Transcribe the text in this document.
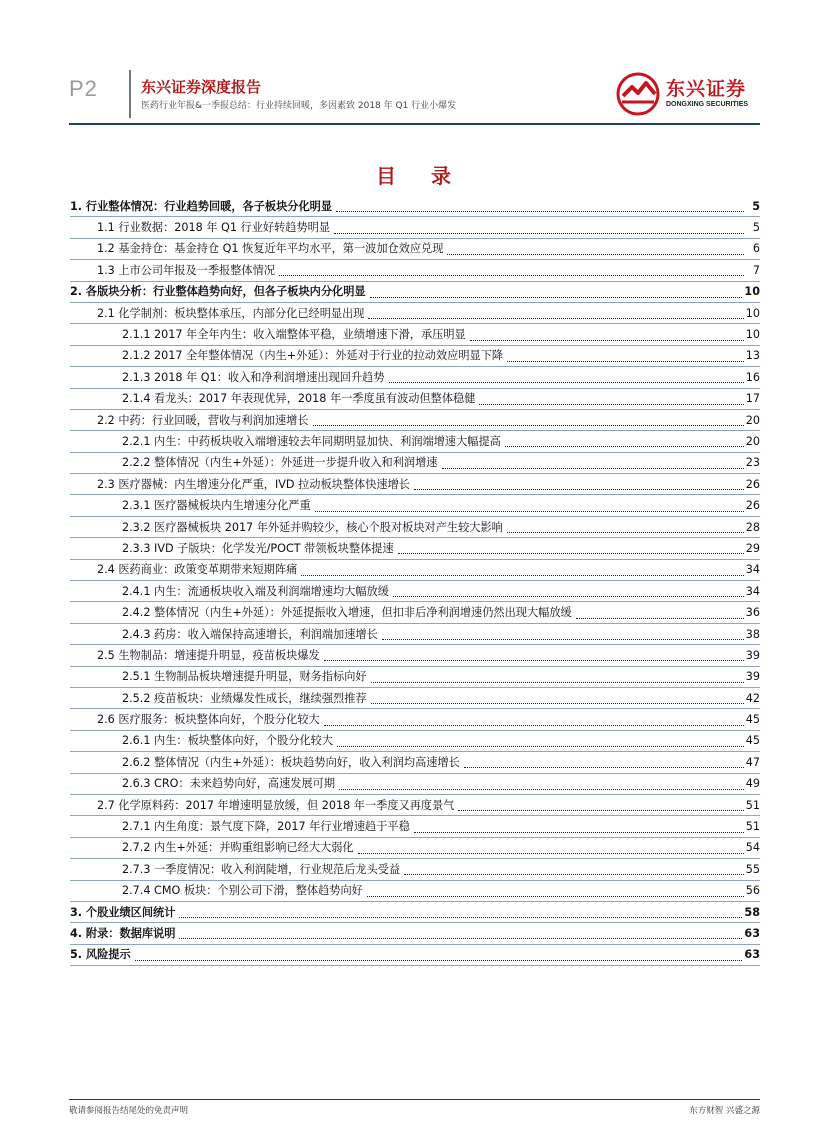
P2	东兴证券深度报告
医药行业年报&一季报总结：行业持续回暖，多因素致 2018 年 Q1 行业小爆发
东兴证券
DONGXING SECURITIES
目 录
1. 行业整体情况：行业趋势回暖，各子板块分化明显	5
1.1 行业数据：2018 年 Q1 行业好转趋势明显	5
1.2 基金持仓：基金持仓 Q1 恢复近年平均水平，第一波加仓效应兑现	6
1.3 上市公司年报及一季报整体情况	7
2. 各版块分析：行业整体趋势向好，但各子板块内分化明显	10
2.1 化学制剂：板块整体承压，内部分化已经明显出现	10
2.1.1 2017 年全年内生：收入端整体平稳，业绩增速下滑，承压明显	10
2.1.2 2017 全年整体情况（内生+外延）：外延对于行业的拉动效应明显下降	13
2.1.3 2018 年 Q1：收入和净利润增速出现回升趋势	16
2.1.4 看龙头：2017 年表现优异，2018 年一季度虽有波动但整体稳健	17
2.2 中药：行业回暖，营收与利润加速增长	20
2.2.1 内生：中药板块收入端增速较去年同期明显加快、利润端增速大幅提高	20
2.2.2 整体情况（内生+外延）：外延进一步提升收入和利润增速	23
2.3 医疗器械：内生增速分化严重，IVD 拉动板块整体快速增长	26
2.3.1 医疗器械板块内生增速分化严重	26
2.3.2 医疗器械板块 2017 年外延并购较少，核心个股对板块对产生较大影响	28
2.3.3 IVD 子版块：化学发光/POCT 带领板块整体提速	29
2.4 医药商业：政策变革期带来短期阵痛	34
2.4.1 内生：流通板块收入端及利润端增速均大幅放缓	34
2.4.2 整体情况（内生+外延）：外延提振收入增速，但扣非后净利润增速仍然出现大幅放缓	36
2.4.3 药房：收入端保持高速增长，利润端加速增长	38
2.5 生物制品：增速提升明显，疫苗板块爆发	39
2.5.1 生物制品板块增速提升明显，财务指标向好	39
2.5.2 疫苗板块：业绩爆发性成长，继续强烈推荐	42
2.6 医疗服务：板块整体向好，个股分化较大	45
2.6.1 内生：板块整体向好，个股分化较大	45
2.6.2 整体情况（内生+外延）：板块趋势向好，收入利润均高速增长	47
2.6.3 CRO：未来趋势向好，高速发展可期	49
2.7 化学原料药：2017 年增速明显放缓，但 2018 年一季度又再度景气	51
2.7.1 内生角度：景气度下降，2017 年行业增速趋于平稳	51
2.7.2 内生+外延：并购重组影响已经大大弱化	54
2.7.3 一季度情况：收入利润陡增，行业规范后龙头受益	55
2.7.4 CMO 板块：个别公司下滑，整体趋势向好	56
3. 个股业绩区间统计	58
4. 附录：数据库说明	63
5. 风险提示	63
敬请参阅报告结尾处的免责声明	东方财智 兴盛之源
